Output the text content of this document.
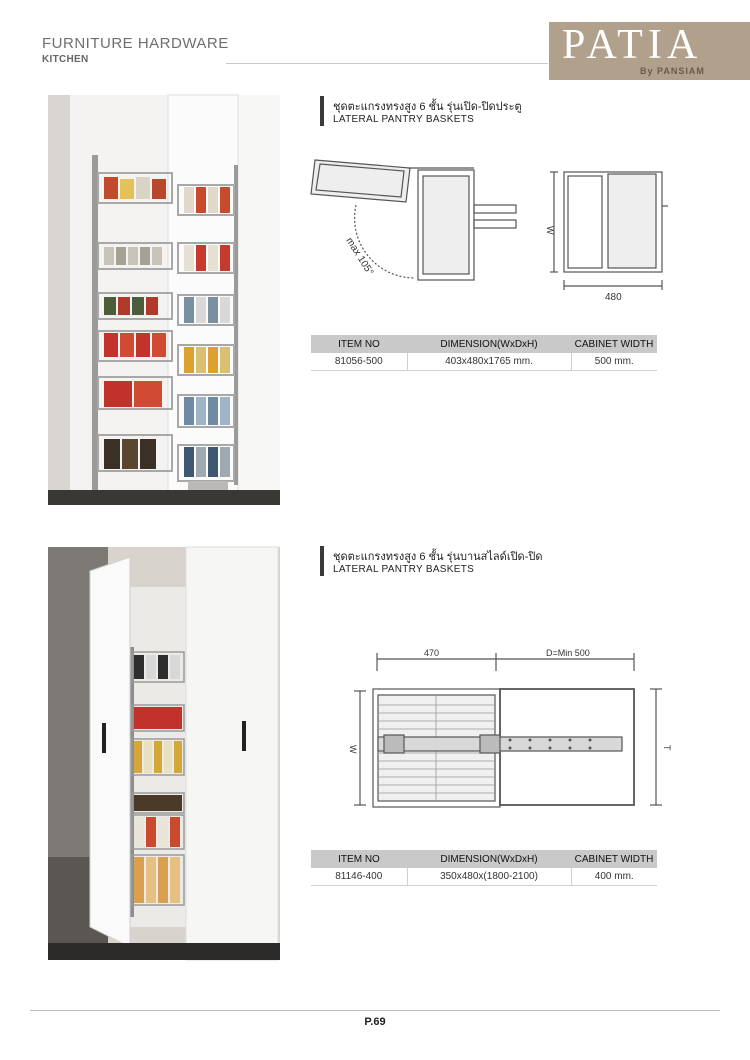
FURNITURE HARDWARE
KITCHEN	PATIA
By PANSIAM
ชุดตะแกรงทรงสูง 6 ชั้น รุ่นเปิด-ปิดประตู
LATERAL PANTRY BASKETS
max 105°
W
480
ITEM NO	DIMENSION(WxDxH)	CABINET WIDTH
81056-500	403x480x1765 mm.	500 mm.
ชุดตะแกรงทรงสูง 6 ชั้น รุ่นบานสไลด์เปิด-ปิด
LATERAL PANTRY BASKETS
470	D=Min 500
W	T
ITEM NO	DIMENSION(WxDxH)	CABINET WIDTH
81146-400	350x480x(1800-2100)	400 mm.
P.69
